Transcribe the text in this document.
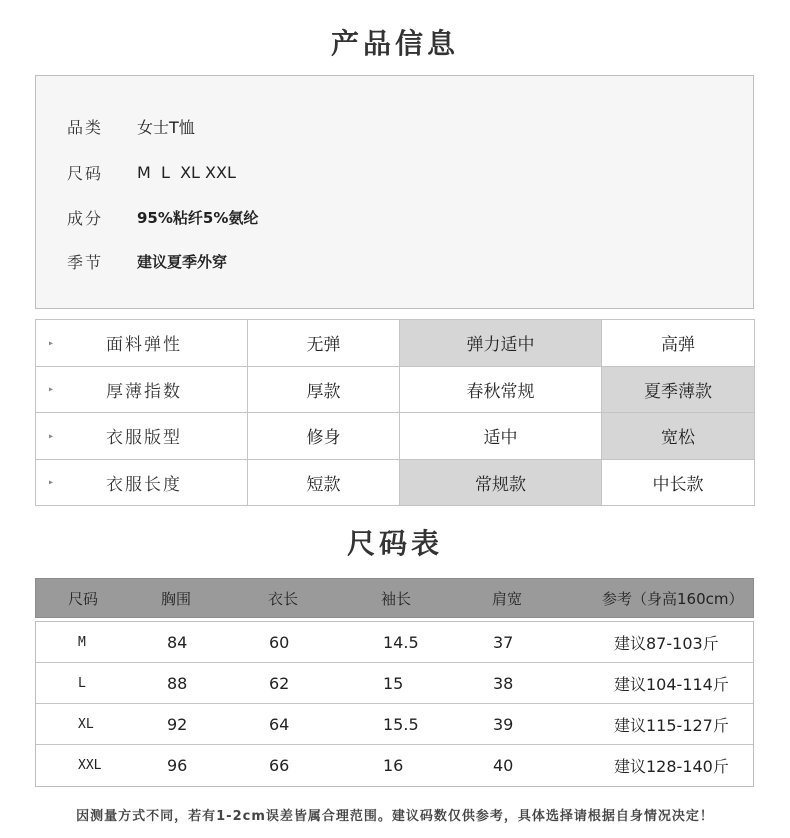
产品信息
品类	女士T恤
尺码	M  L  XL XXL
成分	95%粘纤5%氨纶
季节	建议夏季外穿
▸ 面料弹性	无弹	弹力适中	高弹

▸ 厚薄指数	厚款	春秋常规	夏季薄款

▸ 衣服版型	修身	适中	宽松

▸ 衣服长度	短款	常规款	中长款
尺码表
尺码	胸围	衣长	袖长	肩宽	参考（身高160cm）
M	84	60	14.5	37	建议87-103斤
L	88	62	15	38	建议104-114斤
XL	92	64	15.5	39	建议115-127斤
XXL	96	66	16	40	建议128-140斤
因测量方式不同，若有1-2cm误差皆属合理范围。建议码数仅供参考，具体选择请根据自身情况决定！
